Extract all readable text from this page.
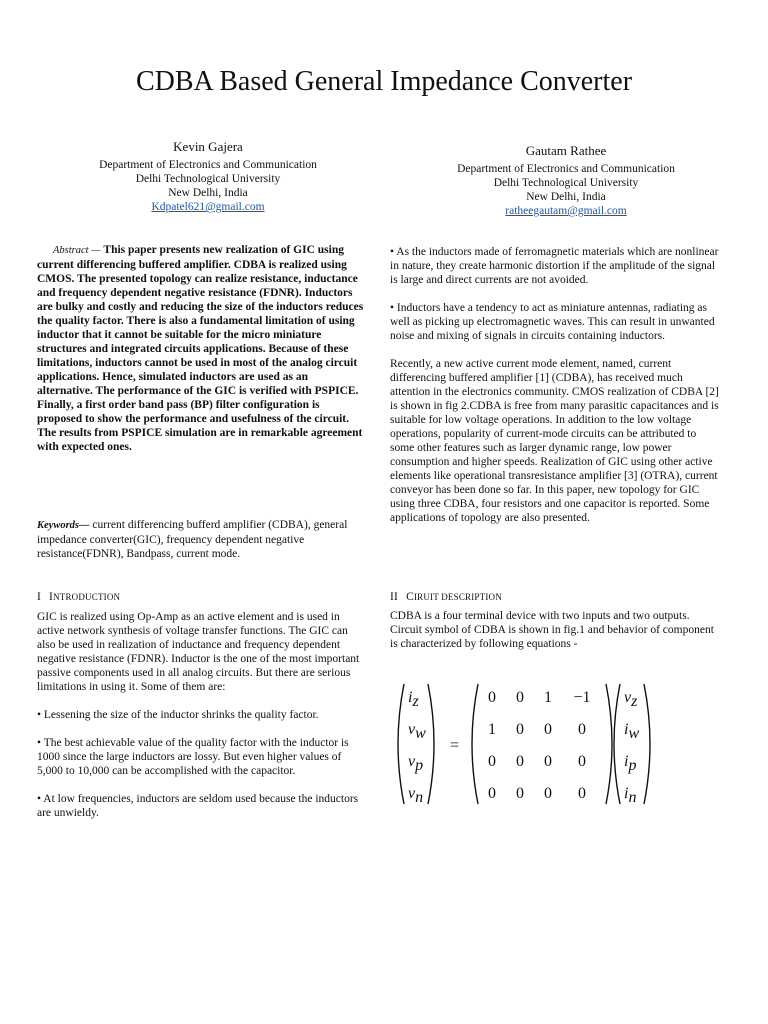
CDBA Based General Impedance Converter
Kevin Gajera
Department of Electronics and Communication
Delhi Technological University
New Delhi, India
Kdpatel621@gmail.com
Gautam Rathee
Department of Electronics and Communication
Delhi Technological University
New Delhi, India
ratheegautam@gmail.com

Abstract — This paper presents new realization of GIC using current differencing buffered amplifier. CDBA is realized using CMOS. The presented topology can realize resistance, inductance and frequency dependent negative resistance (FDNR). Inductors are bulky and costly and reducing the size of the inductors reduces the quality factor. There is also a fundamental limitation of using inductor that it cannot be suitable for the micro miniature structures and integrated circuits applications. Because of these limitations, inductors cannot be used in most of the analog circuit applications. Hence, simulated inductors are used as an alternative. The performance of the GIC is verified with PSPICE. Finally, a first order band pass (BP) filter configuration is proposed to show the performance and usefulness of the circuit. The results from PSPICE simulation are in remarkable agreement with expected ones.

Keywords— current differencing bufferd amplifier (CDBA), general impedance converter(GIC), frequency dependent negative resistance(FDNR), Bandpass, current mode.

I INTRODUCTION

GIC is realized using Op-Amp as an active element and is used in active network synthesis of voltage transfer functions. The GIC can also be used in realization of inductance and frequency dependent negative resistance (FDNR). Inductor is the one of the most important passive components used in all analog circuits. But there are serious limitations in using it. Some of them are:

• Lessening the size of the inductor shrinks the quality factor.

• The best achievable value of the quality factor with the inductor is 1000 since the large inductors are lossy. But even higher values of 5,000 to 10,000 can be accomplished with the capacitor.

• At low frequencies, inductors are seldom used because the inductors are unwieldy.

• As the inductors made of ferromagnetic materials which are nonlinear in nature, they create harmonic distortion if the amplitude of the signal is large and direct currents are not avoided.

• Inductors have a tendency to act as miniature antennas, radiating as well as picking up electromagnetic waves. This can result in unwanted noise and mixing of signals in circuits containing inductors.

Recently, a new active current mode element, named, current differencing buffered amplifier [1] (CDBA), has received much attention in the electronics community. CMOS realization of CDBA [2] is shown in fig 2.CDBA is free from many parasitic capacitances and is suitable for low voltage operations. In addition to the low voltage operations, popularity of current-mode circuits can be attributed to some other features such as larger dynamic range, low power consumption and higher speeds. Realization of GIC using other active elements like operational transresistance amplifier [3] (OTRA), current conveyor has been done so far. In this paper, new topology for GIC using three CDBA, four resistors and one capacitor is reported. Some applications of topology are also presented.

II CIRUIT DESCRIPTION

CDBA is a four terminal device with two inputs and two outputs. Circuit symbol of CDBA is shown in fig.1 and behavior of component is characterized by following equations -

iz
vw
vp
vn
=
0 0 1 −1
1 0 0 0
0 0 0 0
0 0 0 0
vz
iw
ip
in
